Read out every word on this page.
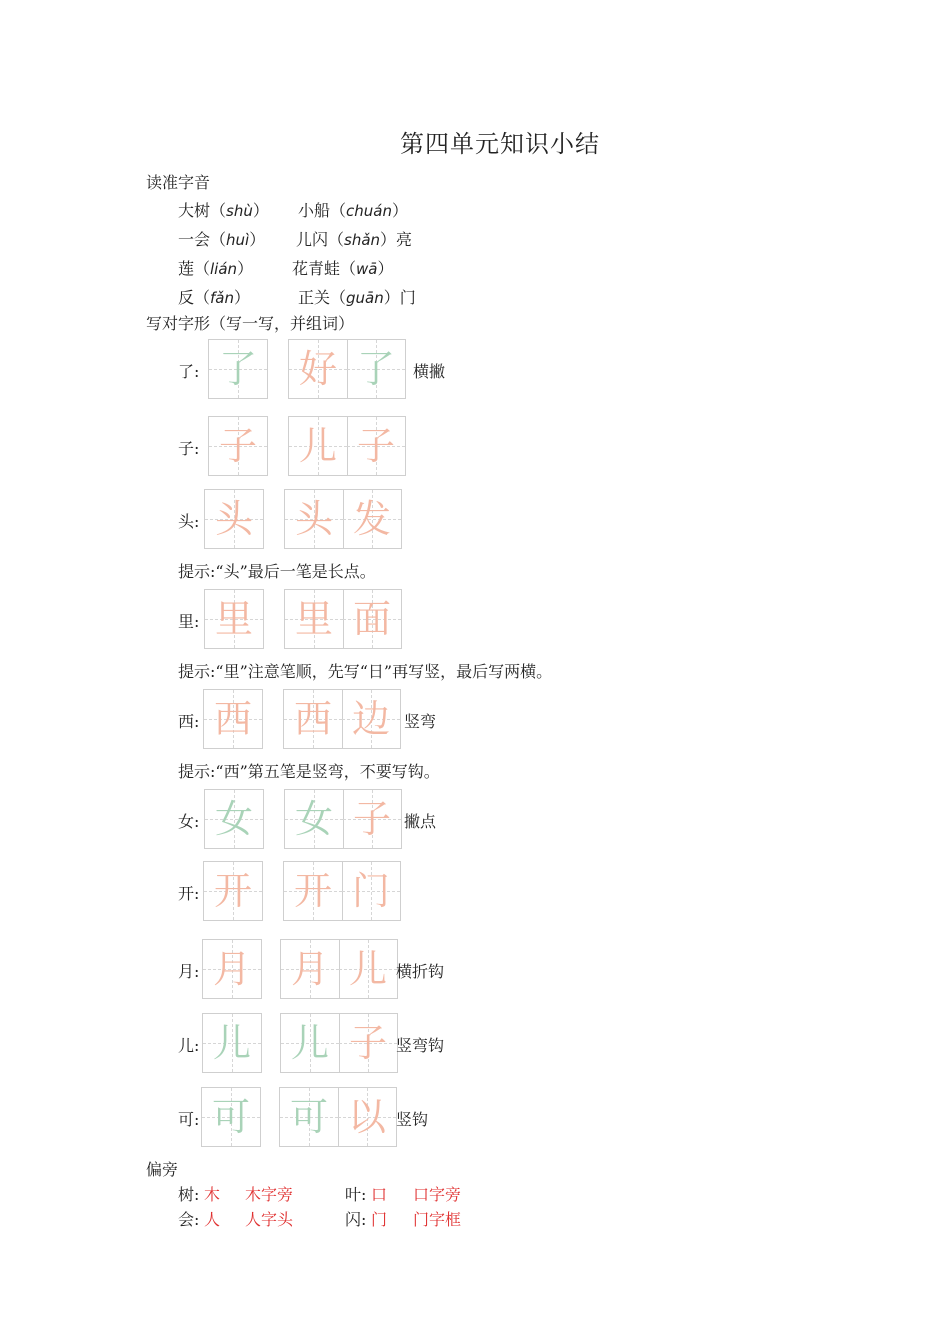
第四单元知识小结
读准字音
大树（shù） 小船（chuán）
一会（huì） 儿闪（shǎn）亮
莲（lián） 花青蛙（wā）
反（fǎn）	正关（guān）门
写对字形（写一写，并组词）
了: 了 好 了	横撇
子: 子 儿 子
头: 头 头 发
里: 里 里 面
西: 西 西 边 竖弯
女: 女 女 子 撇点
开: 开 开 门
月: 月 月 儿 横折钩
儿: 儿 儿 子 竖弯钩
可: 可 可 以 竖钩
提示:“头”最后一笔是长点。
提示:“里”注意笔顺，先写“日”再写竖，最后写两横。
提示:“西”第五笔是竖弯，不要写钩。
偏旁
树: 木 木字旁	叶: 口 口字旁
会: 人 人字头	闪: 门 门字框
